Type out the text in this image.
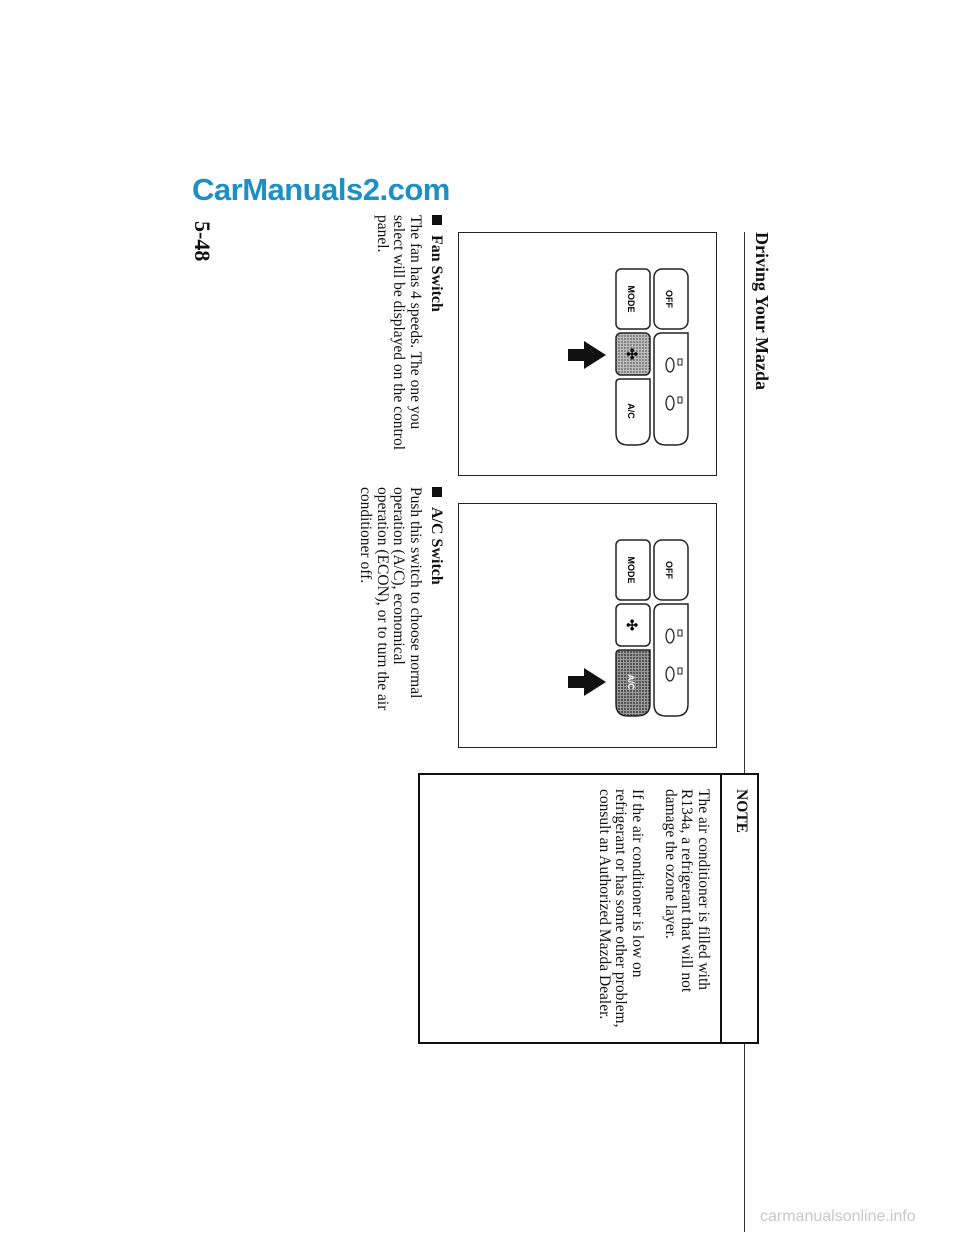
Driving Your Mazda
OFF
MODE
✣
A/C
OFF
MODE
✣
A/C
Fan Switch
The fan has 4 speeds. The one you select will be displayed on the control panel.
A/C Switch
Push this switch to choose normal operation (A/C), economical operation (ECON), or to turn the air conditioner off.
NOTE
The air conditioner is filled with R134a, a refrigerant that will not damage the ozone layer.
If the air conditioner is low on refrigerant or has some other problem, consult an Authorized Mazda Dealer.
5-48
CarManuals2.com
carmanualsonline.info
